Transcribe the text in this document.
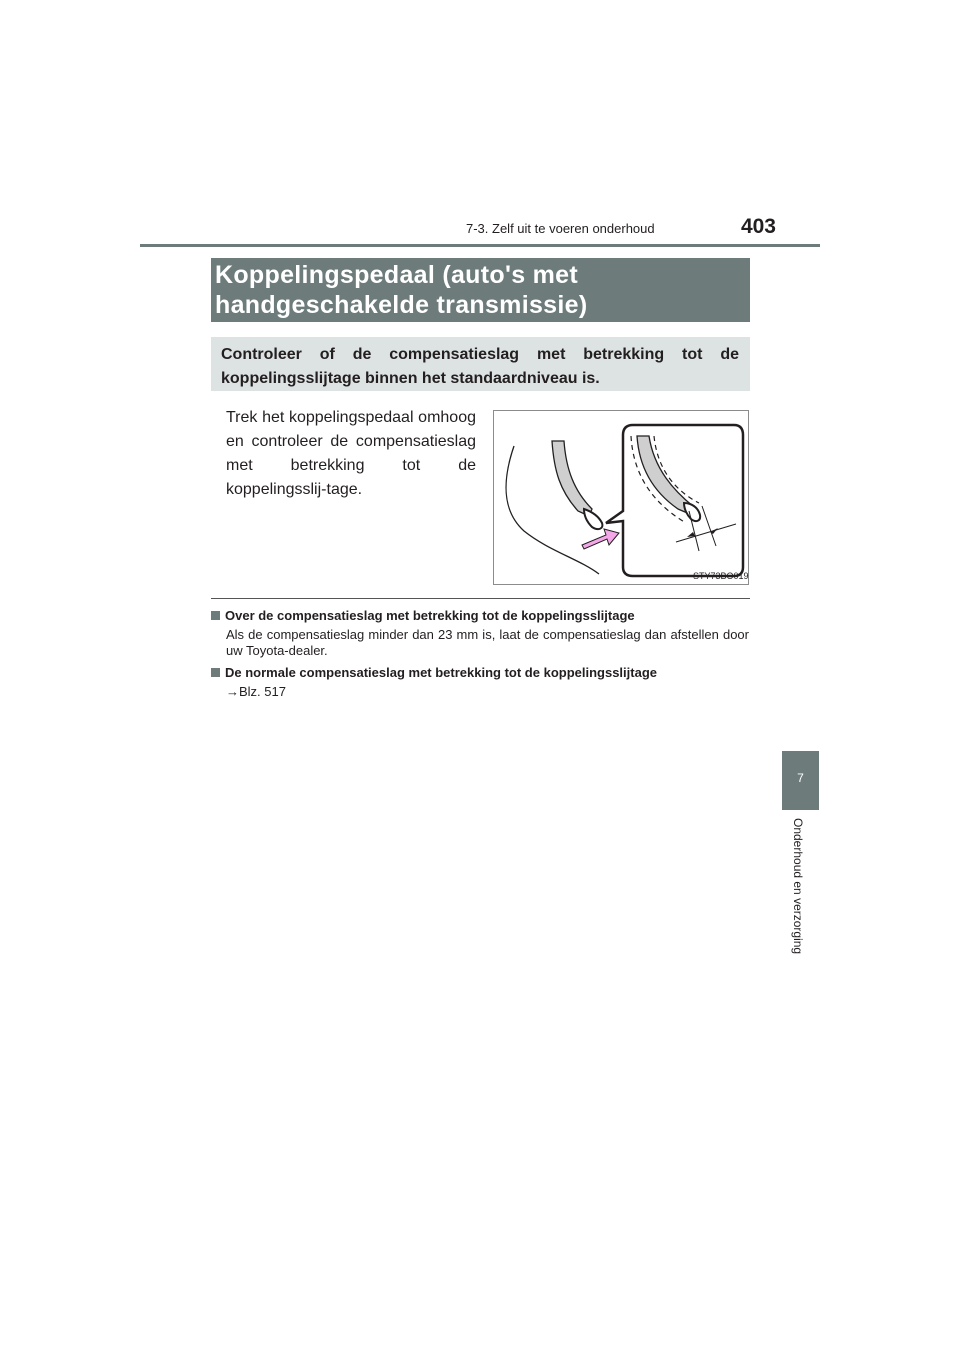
7-3. Zelf uit te voeren onderhoud	403
Koppelingspedaal (auto's met
handgeschakelde transmissie)
Controleer of de compensatieslag met betrekking tot de koppelingsslijtage binnen het standaardniveau is.
Trek het koppelingspedaal omhoog en controleer de compensatieslag met betrekking tot de koppelingsslij-tage.
STY73BO019
Over de compensatieslag met betrekking tot de koppelingsslijtage
Als de compensatieslag minder dan 23 mm is, laat de compensatieslag dan afstellen door uw Toyota-dealer.
De normale compensatieslag met betrekking tot de koppelingsslijtage
→Blz. 517
7
Onderhoud en verzorging
